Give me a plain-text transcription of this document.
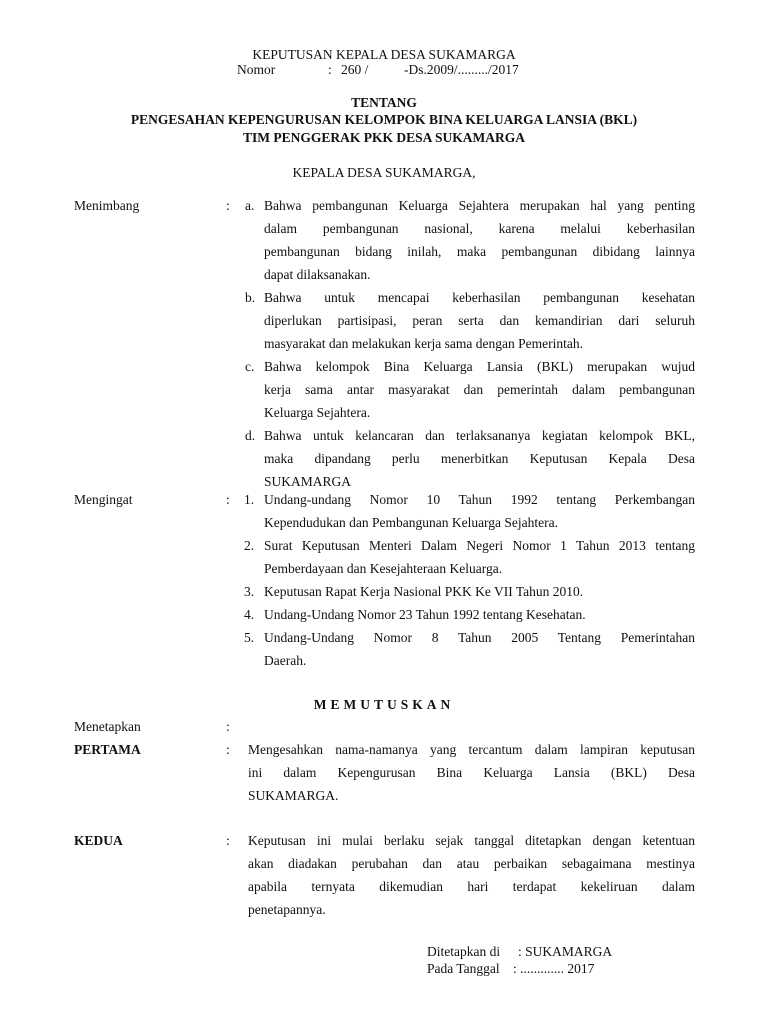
KEPUTUSAN KEPALA DESA SUKAMARGA
Nomor	: 260 /	-Ds.2009/........./2017
TENTANG
PENGESAHAN KEPENGURUSAN KELOMPOK BINA KELUARGA LANSIA (BKL)
TIM PENGGERAK PKK DESA SUKAMARGA
KEPALA DESA SUKAMARGA,
Menimbang	: a. Bahwa pembangunan Keluarga Sejahtera merupakan hal yang penting
dalam pembangunan nasional, karena melalui keberhasilan
pembangunan bidang inilah, maka pembangunan dibidang lainnya
dapat dilaksanakan.
b. Bahwa untuk mencapai keberhasilan pembangunan kesehatan
diperlukan partisipasi, peran serta dan kemandirian dari seluruh
masyarakat dan melakukan kerja sama dengan Pemerintah.
c. Bahwa kelompok Bina Keluarga Lansia (BKL) merupakan wujud
kerja sama antar masyarakat dan pemerintah dalam pembangunan
Keluarga Sejahtera.
d. Bahwa untuk kelancaran dan terlaksananya kegiatan kelompok BKL,
maka dipandang perlu menerbitkan Keputusan Kepala Desa
SUKAMARGA
Mengingat	: 1. Undang-undang Nomor 10 Tahun 1992 tentang Perkembangan
Kependudukan dan Pembangunan Keluarga Sejahtera.
2. Surat Keputusan Menteri Dalam Negeri Nomor 1 Tahun 2013 tentang
Pemberdayaan dan Kesejahteraan Keluarga.
3. Keputusan Rapat Kerja Nasional PKK Ke VII Tahun 2010.
4. Undang-Undang Nomor 23 Tahun 1992 tentang Kesehatan.
5. Undang-Undang Nomor 8 Tahun 2005 Tentang Pemerintahan
Daerah.
MEMUTUSKAN
Menetapkan	:
PERTAMA	: Mengesahkan nama-namanya yang tercantum dalam lampiran keputusan
ini dalam Kepengurusan Bina Keluarga Lansia (BKL) Desa
SUKAMARGA.
KEDUA	: Keputusan ini mulai berlaku sejak tanggal ditetapkan dengan ketentuan
akan diadakan perubahan dan atau perbaikan sebagaimana mestinya
apabila ternyata dikemudian hari terdapat kekeliruan dalam
penetapannya.
Ditetapkan di : SUKAMARGA
Pada Tanggal : ............. 2017
